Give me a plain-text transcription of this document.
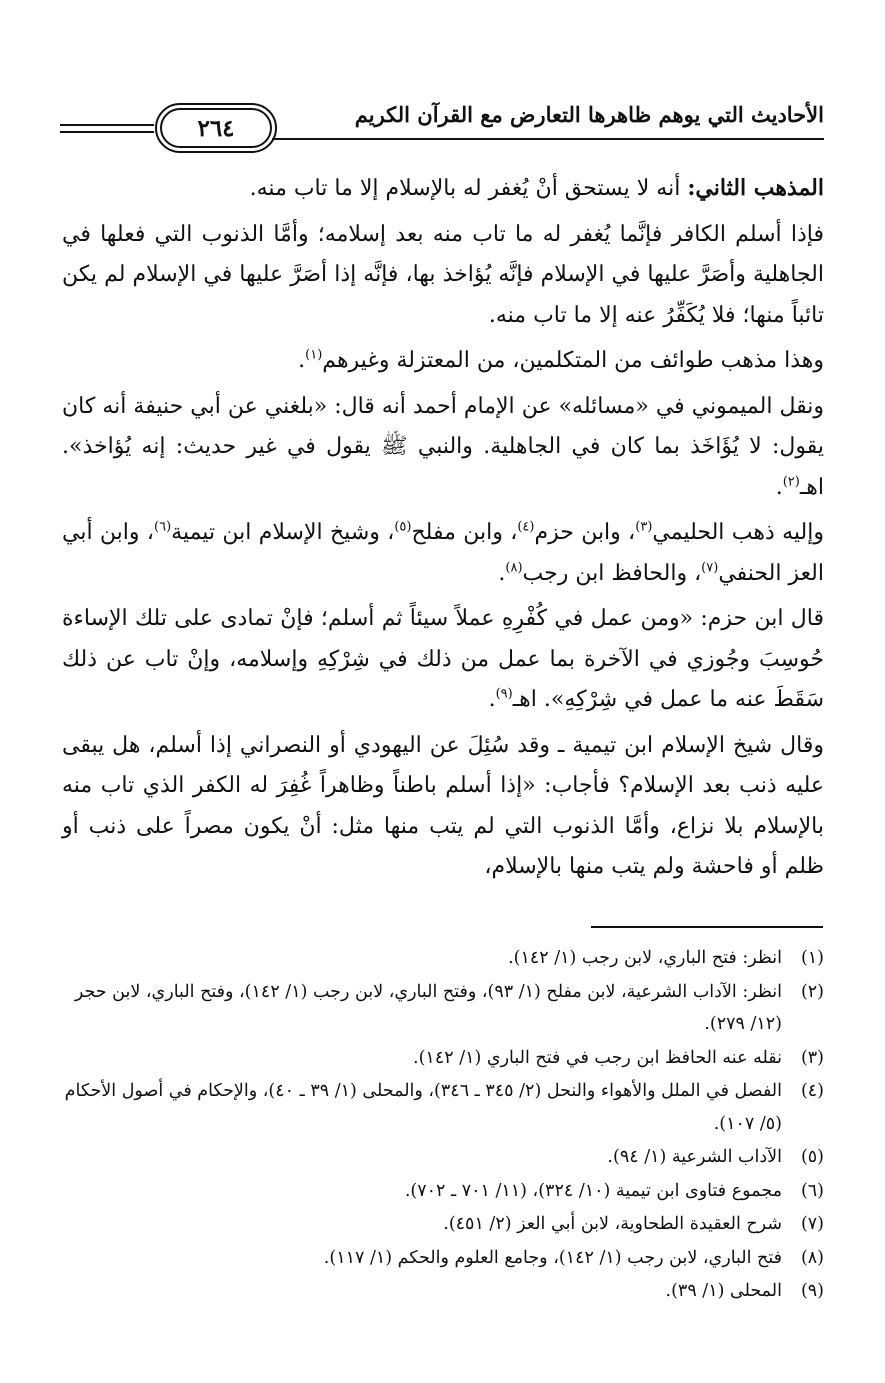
الأحاديث التي يوهم ظاهرها التعارض مع القرآن الكريم
٢٦٤

المذهب الثاني: أنه لا يستحق أنْ يُغفر له بالإسلام إلا ما تاب منه.

فإذا أسلم الكافر فإنَّما يُغفر له ما تاب منه بعد إسلامه؛ وأمَّا الذنوب التي فعلها في الجاهلية وأصَرَّ عليها في الإسلام فإنَّه يُؤاخذ بها، فإنَّه إذا أصَرَّ عليها في الإسلام لم يكن تائباً منها؛ فلا يُكَفِّرُ عنه إلا ما تاب منه.

وهذا مذهب طوائف من المتكلمين، من المعتزلة وغيرهم$^{(١)}$.

ونقل الميموني في «مسائله» عن الإمام أحمد أنه قال: «بلغني عن أبي حنيفة أنه كان يقول: لا يُؤَاخَذ بما كان في الجاهلية. والنبي ﷺ يقول في غير حديث: إنه يُؤاخذ». اهـ$^{(٢)}$.

وإليه ذهب الحليمي$^{(٣)}$، وابن حزم$^{(٤)}$، وابن مفلح$^{(٥)}$، وشيخ الإسلام ابن تيمية$^{(٦)}$، وابن أبي العز الحنفي$^{(٧)}$، والحافظ ابن رجب$^{(٨)}$.

قال ابن حزم: «ومن عمل في كُفْرِهِ عملاً سيئاً ثم أسلم؛ فإنْ تمادى على تلك الإساءة حُوسِبَ وجُوزي في الآخرة بما عمل من ذلك في شِرْكِهِ وإسلامه، وإنْ تاب عن ذلك سَقَطَ عنه ما عمل في شِرْكِهِ». اهـ$^{(٩)}$.

وقال شيخ الإسلام ابن تيمية ـ وقد سُئِلَ عن اليهودي أو النصراني إذا أسلم، هل يبقى عليه ذنب بعد الإسلام؟ فأجاب: «إذا أسلم باطناً وظاهراً غُفِرَ له الكفر الذي تاب منه بالإسلام بلا نزاع، وأمَّا الذنوب التي لم يتب منها مثل: أنْ يكون مصراً على ذنب أو ظلم أو فاحشة ولم يتب منها بالإسلام،

(١)
انظر: فتح الباري، لابن رجب (١/ ١٤٢).
(٢)
انظر: الآداب الشرعية، لابن مفلح (١/ ٩٣)، وفتح الباري، لابن رجب (١/ ١٤٢)، وفتح الباري، لابن حجر (١٢/ ٢٧٩).
(٣)
نقله عنه الحافظ ابن رجب في فتح الباري (١/ ١٤٢).
(٤)
الفصل في الملل والأهواء والنحل (٢/ ٣٤٥ ـ ٣٤٦)، والمحلى (١/ ٣٩ ـ ٤٠)، والإحكام في أصول الأحكام (٥/ ١٠٧).
(٥)
الآداب الشرعية (١/ ٩٤).
(٦)
مجموع فتاوى ابن تيمية (١٠/ ٣٢٤)، (١١/ ٧٠١ ـ ٧٠٢).
(٧)
شرح العقيدة الطحاوية، لابن أبي العز (٢/ ٤٥١).
(٨)
فتح الباري، لابن رجب (١/ ١٤٢)، وجامع العلوم والحكم (١/ ١١٧).
(٩)
المحلى (١/ ٣٩).
